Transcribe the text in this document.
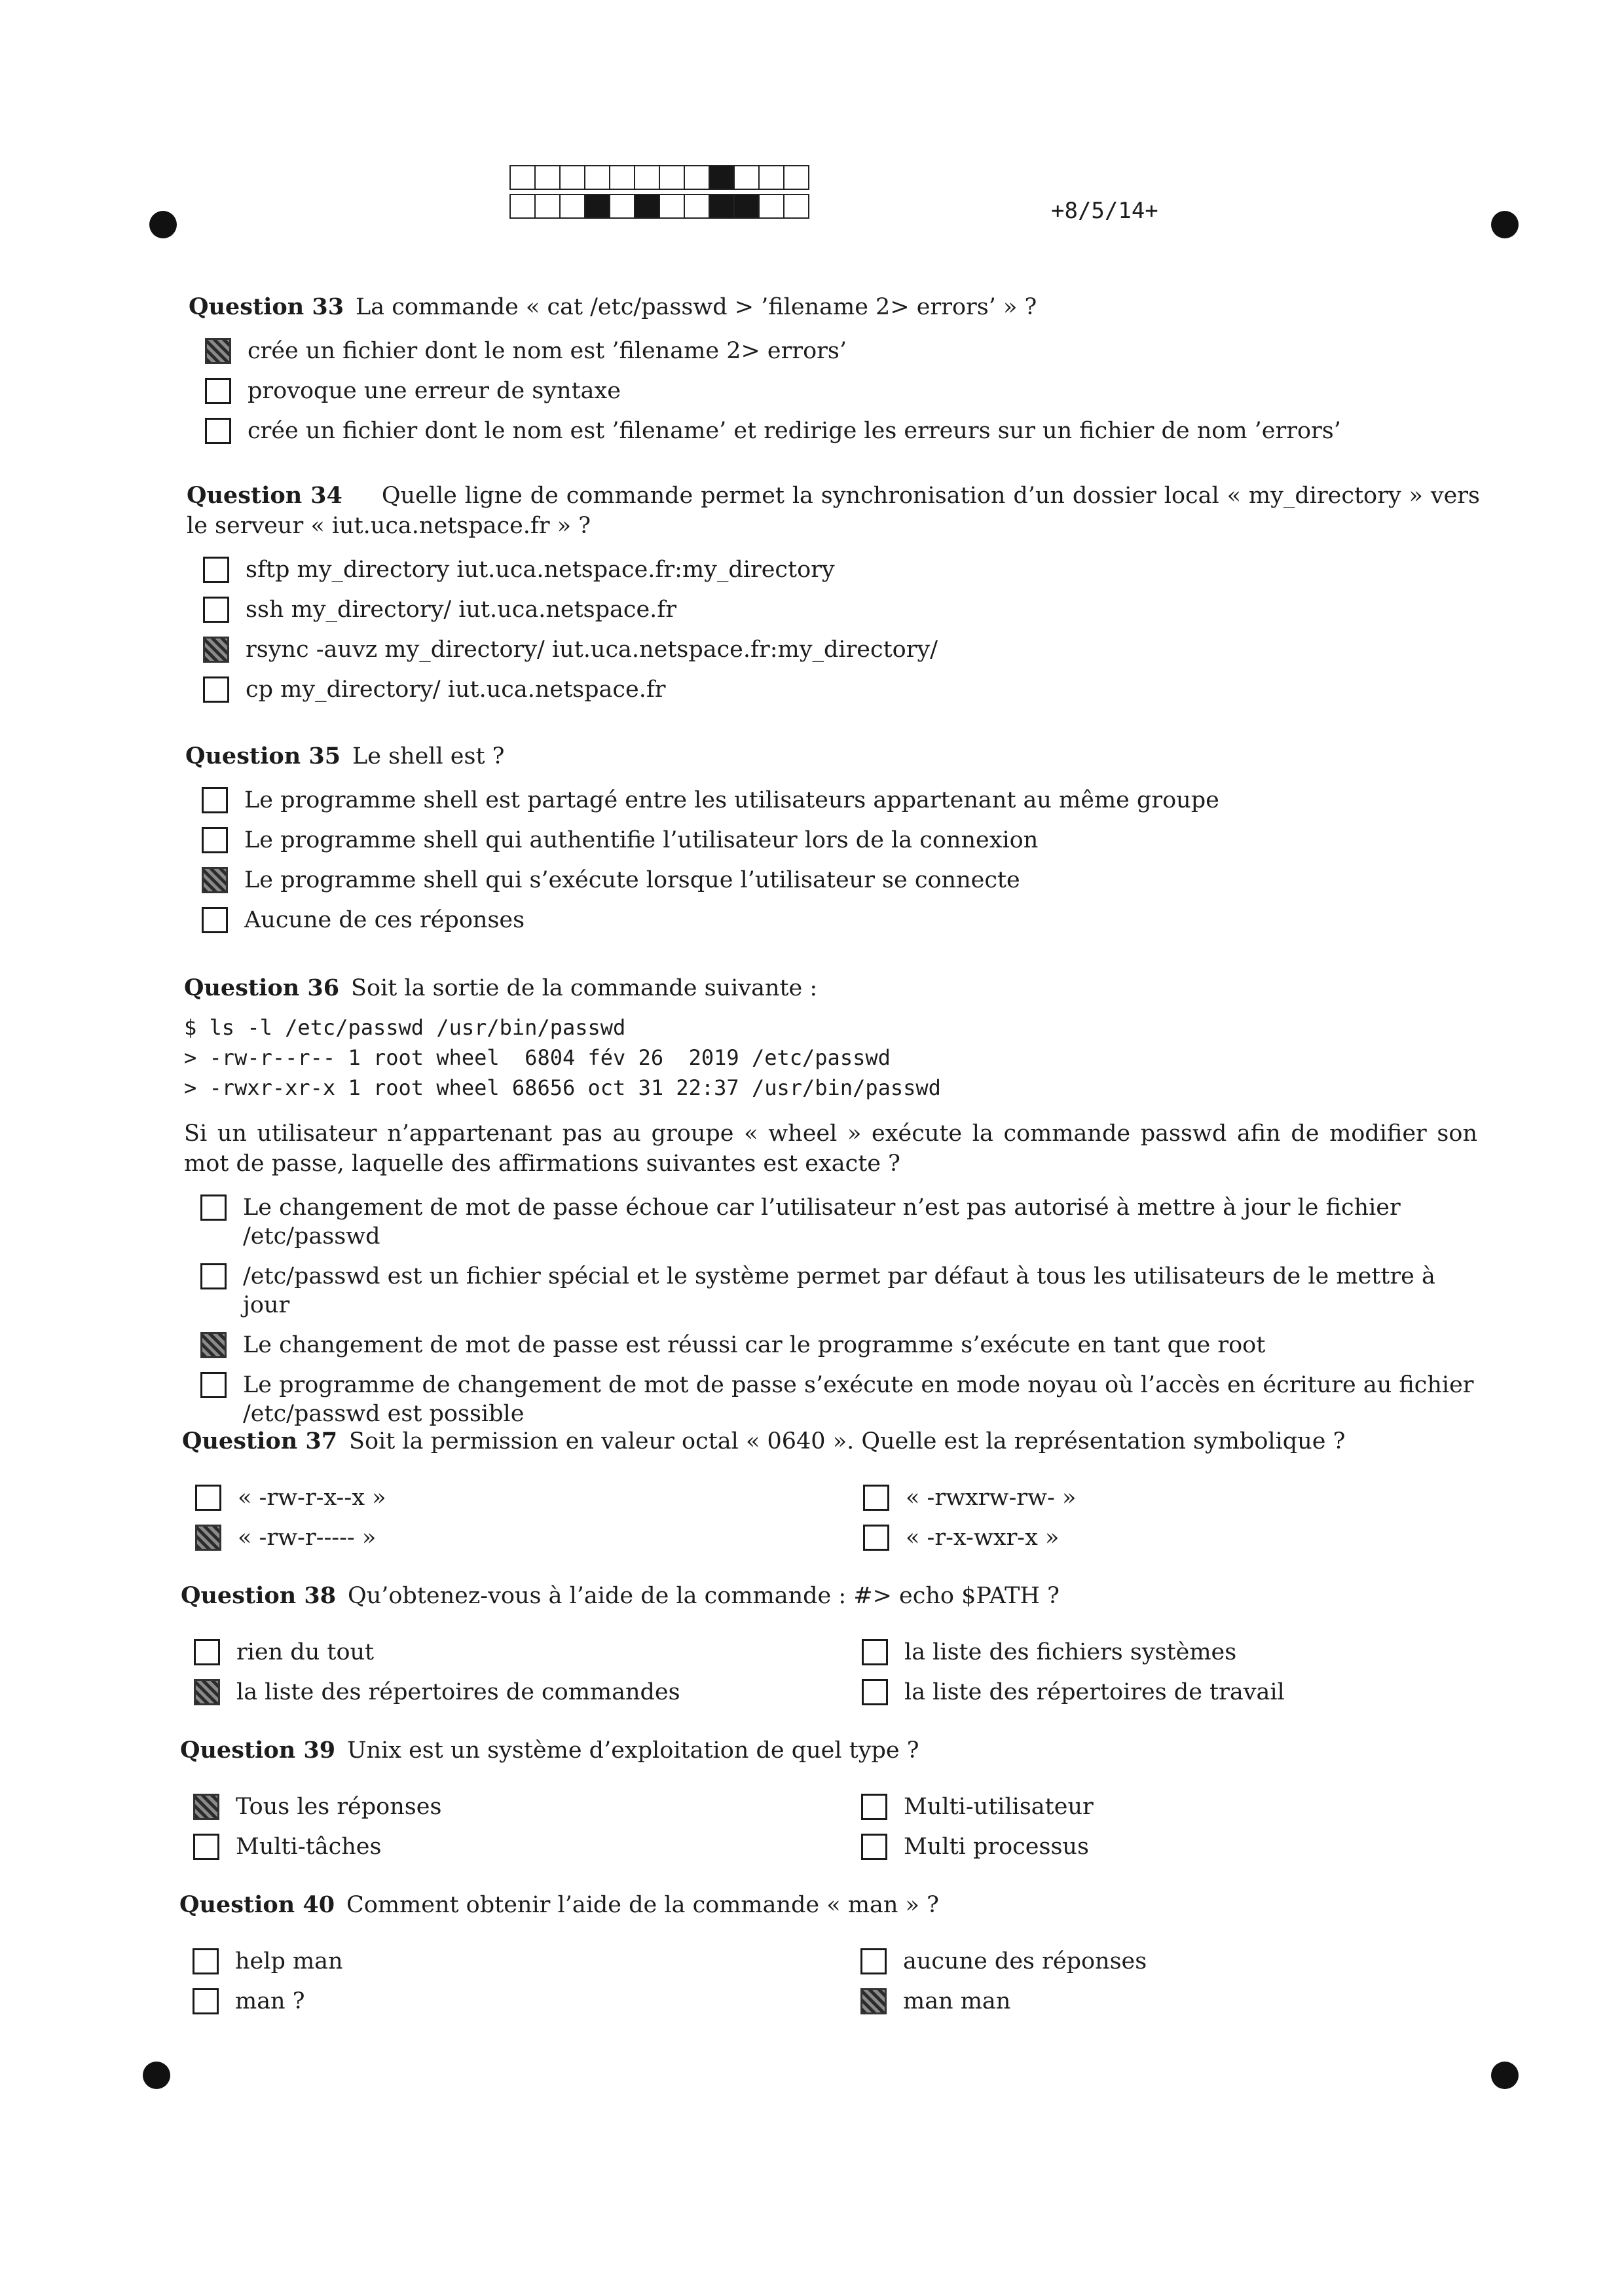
+8/5/14+
Question 33 La commande « cat /etc/passwd > ’filename 2> errors’ » ?
crée un fichier dont le nom est ’filename 2> errors’
provoque une erreur de syntaxe
crée un fichier dont le nom est ’filename’ et redirige les erreurs sur un fichier de nom ’errors’
Question 34 Quelle ligne de commande permet la synchronisation d’un dossier local « my_directory » vers le serveur « iut.uca.netspace.fr » ?
sftp my_directory iut.uca.netspace.fr:my_directory
ssh my_directory/ iut.uca.netspace.fr
rsync -auvz my_directory/ iut.uca.netspace.fr:my_directory/
cp my_directory/ iut.uca.netspace.fr
Question 35 Le shell est ?
Le programme shell est partagé entre les utilisateurs appartenant au même groupe
Le programme shell qui authentifie l’utilisateur lors de la connexion
Le programme shell qui s’exécute lorsque l’utilisateur se connecte
Aucune de ces réponses
Question 36 Soit la sortie de la commande suivante :
$ ls -l /etc/passwd /usr/bin/passwd
> -rw-r--r-- 1 root wheel  6804 fév 26  2019 /etc/passwd
> -rwxr-xr-x 1 root wheel 68656 oct 31 22:37 /usr/bin/passwd
Si un utilisateur n’appartenant pas au groupe « wheel » exécute la commande passwd afin de modifier son mot de passe, laquelle des affirmations suivantes est exacte ?
Le changement de mot de passe échoue car l’utilisateur n’est pas autorisé à mettre à jour le fichier /etc/passwd
/etc/passwd est un fichier spécial et le système permet par défaut à tous les utilisateurs de le mettre à jour
Le changement de mot de passe est réussi car le programme s’exécute en tant que root
Le programme de changement de mot de passe s’exécute en mode noyau où l’accès en écriture au fichier /etc/passwd est possible
Question 37 Soit la permission en valeur octal « 0640 ». Quelle est la représentation symbolique ?
« -rw-r-x--x »	« -rwxrw-rw- »
« -rw-r----- »	« -r-x-wxr-x »
Question 38 Qu’obtenez-vous à l’aide de la commande : #> echo $PATH ?
rien du tout	la liste des fichiers systèmes
la liste des répertoires de commandes	la liste des répertoires de travail
Question 39 Unix est un système d’exploitation de quel type ?
Tous les réponses	Multi-utilisateur
Multi-tâches	Multi processus
Question 40 Comment obtenir l’aide de la commande « man » ?
help man	aucune des réponses
man ?	man man
